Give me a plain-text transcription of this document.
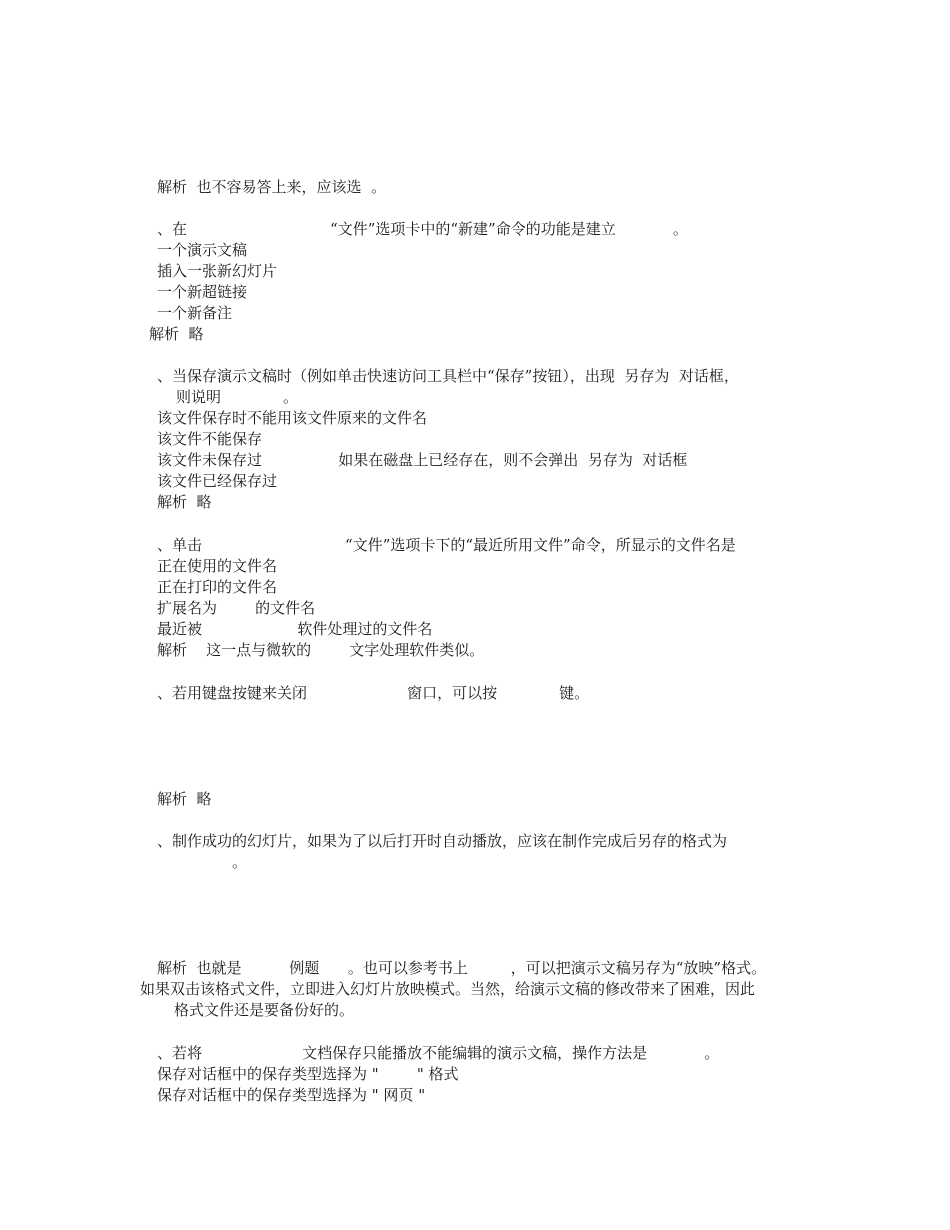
解析  也不容易答上来，应该选  。
、在                              “文件”选项卡中的“新建”命令的功能是建立            。
一个演示文稿
插入一张新幻灯片
一个新超链接
一个新备注
解析  略
、当保存演示文稿时（例如单击快速访问工具栏中“保存”按钮），出现  另存为  对话框，
则说明             。
该文件保存时不能用该文件原来的文件名
该文件不能保存
该文件未保存过                如果在磁盘上已经存在，则不会弹出  另存为  对话框
该文件已经保存过
解析  略
、单击                              “文件”选项卡下的“最近所用文件”命令，所显示的文件名是
正在使用的文件名
正在打印的文件名
扩展名为        的文件名
最近被                    软件处理过的文件名
解析    这一点与微软的        文字处理软件类似。
、若用键盘按键来关闭                     窗口，可以按             键。
解析  略
、制作成功的幻灯片，如果为了以后打开时自动播放，应该在制作完成后另存的格式为
。
解析  也就是          例题      。也可以参考书上         ，可以把演示文稿另存为“放映”格式。
如果双击该格式文件，立即进入幻灯片放映模式。当然，给演示文稿的修改带来了困难，因此
格式文件还是要备份好的。
、若将                     文档保存只能播放不能编辑的演示文稿，操作方法是            。
保存对话框中的保存类型选择为 "        " 格式
保存对话框中的保存类型选择为 " 网页 "
